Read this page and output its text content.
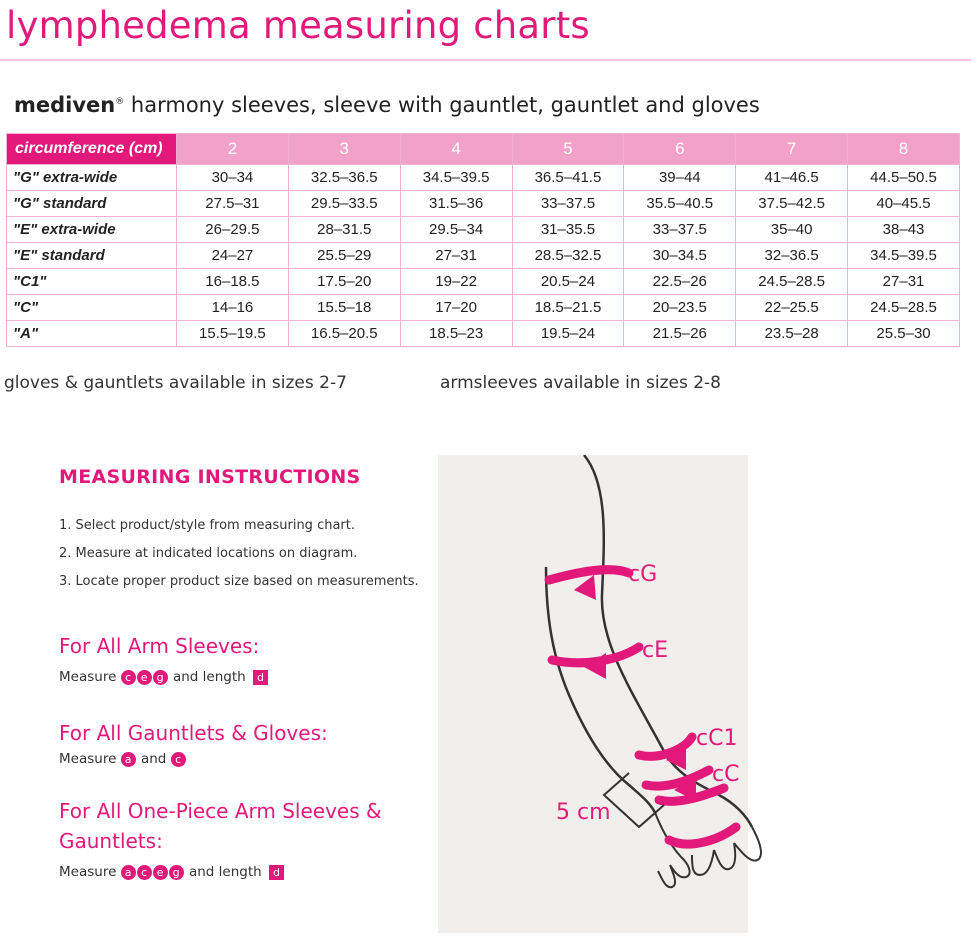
lymphedema measuring charts
mediven® harmony sleeves, sleeve with gauntlet, gauntlet and gloves
circumference (cm)	2	3	4	5	6	7	8
"G" extra-wide	30–34	32.5–36.5	34.5–39.5	36.5–41.5	39–44	41–46.5	44.5–50.5
"G" standard	27.5–31	29.5–33.5	31.5–36	33–37.5	35.5–40.5	37.5–42.5	40–45.5
"E" extra-wide	26–29.5	28–31.5	29.5–34	31–35.5	33–37.5	35–40	38–43
"E" standard	24–27	25.5–29	27–31	28.5–32.5	30–34.5	32–36.5	34.5–39.5
"C1"	16–18.5	17.5–20	19–22	20.5–24	22.5–26	24.5–28.5	27–31
"C"	14–16	15.5–18	17–20	18.5–21.5	20–23.5	22–25.5	24.5–28.5
"A"	15.5–19.5	16.5–20.5	18.5–23	19.5–24	21.5–26	23.5–28	25.5–30
gloves & gauntlets available in sizes 2-7	armsleeves available in sizes 2-8
MEASURING INSTRUCTIONS
1. Select product/style from measuring chart.
2. Measure at indicated locations on diagram.
3. Locate proper product size based on measurements.
For All Arm Sleeves:
Measure c e g and length d
For All Gauntlets & Gloves:
Measure a and c
For All One-Piece Arm Sleeves &
Gauntlets:
Measure a c e g and length d
cG
cE
cC1
cC
5 cm
